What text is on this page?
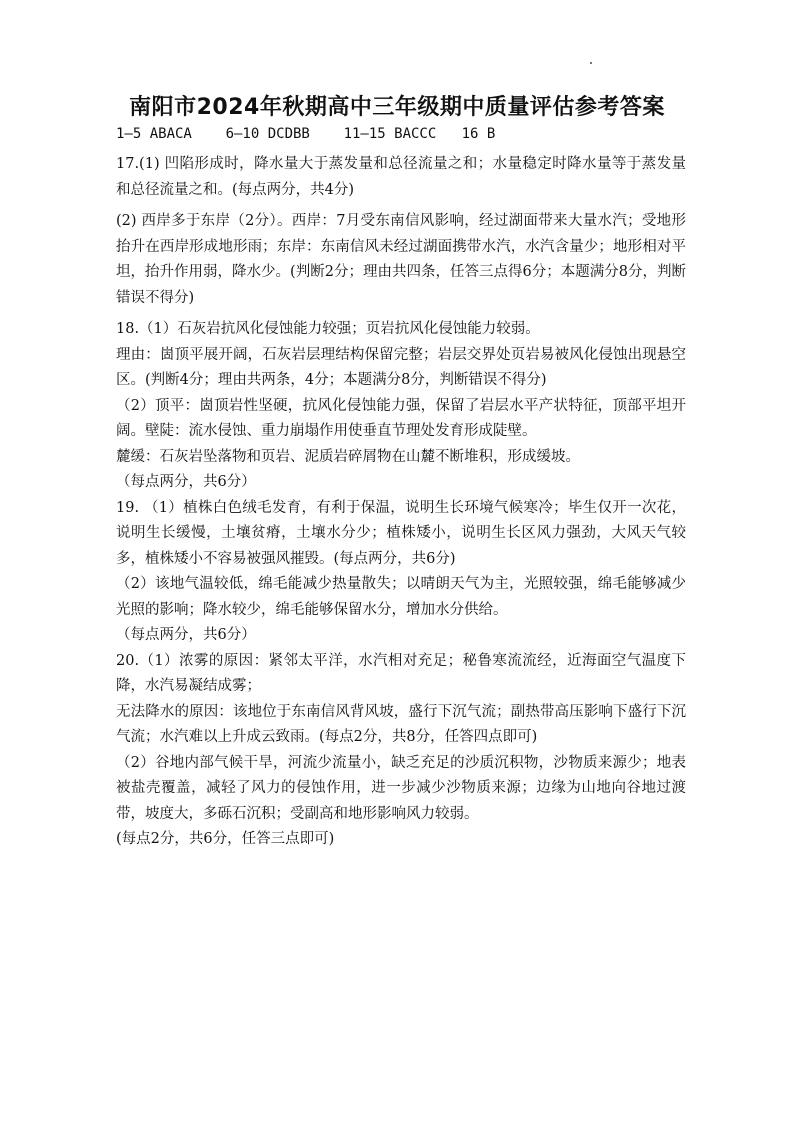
南阳市2024年秋期高中三年级期中质量评估参考答案
1—5 ABACA    6—10 DCDBB    11—15 BACCC   16 B

17.(1) 凹陷形成时，降水量大于蒸发量和总径流量之和；水量稳定时降水量等于蒸发量和总径流量之和。(每点两分，共4分)

(2) 西岸多于东岸（2分）。西岸：7月受东南信风影响，经过湖面带来大量水汽；受地形抬升在西岸形成地形雨；东岸：东南信风未经过湖面携带水汽，水汽含量少；地形相对平坦，抬升作用弱，降水少。(判断2分；理由共四条，任答三点得6分；本题满分8分，判断错误不得分)

18.（1）石灰岩抗风化侵蚀能力较强；页岩抗风化侵蚀能力较弱。

理由：崮顶平展开阔，石灰岩层理结构保留完整；岩层交界处页岩易被风化侵蚀出现悬空区。(判断4分；理由共两条，4分；本题满分8分，判断错误不得分)

（2）顶平：崮顶岩性坚硬，抗风化侵蚀能力强，保留了岩层水平产状特征，顶部平坦开阔。壁陡：流水侵蚀、重力崩塌作用使垂直节理处发育形成陡壁。

麓缓：石灰岩坠落物和页岩、泥质岩碎屑物在山麓不断堆积，形成缓坡。

（每点两分，共6分）

19. （1）植株白色绒毛发育，有利于保温，说明生长环境气候寒冷；毕生仅开一次花，说明生长缓慢，土壤贫瘠，土壤水分少；植株矮小，说明生长区风力强劲，大风天气较多，植株矮小不容易被强风摧毁。(每点两分，共6分)

（2）该地气温较低，绵毛能减少热量散失；以晴朗天气为主，光照较强，绵毛能够减少光照的影响；降水较少，绵毛能够保留水分，增加水分供给。

（每点两分，共6分）

20.（1）浓雾的原因：紧邻太平洋，水汽相对充足；秘鲁寒流流经，近海面空气温度下降，水汽易凝结成雾；

无法降水的原因：该地位于东南信风背风坡，盛行下沉气流；副热带高压影响下盛行下沉气流；水汽难以上升成云致雨。(每点2分，共8分，任答四点即可)

（2）谷地内部气候干旱，河流少流量小，缺乏充足的沙质沉积物，沙物质来源少；地表被盐壳覆盖，减轻了风力的侵蚀作用，进一步减少沙物质来源；边缘为山地向谷地过渡带，坡度大，多砾石沉积；受副高和地形影响风力较弱。

(每点2分，共6分，任答三点即可)
